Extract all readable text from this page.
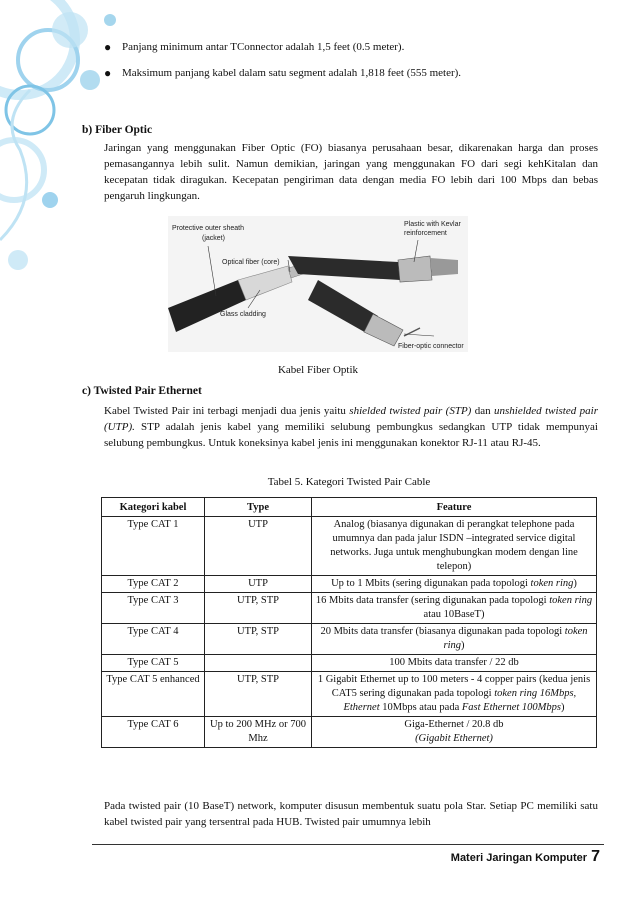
● Panjang minimum antar TConnector adalah 1,5 feet (0.5 meter).
● Maksimum panjang kabel dalam satu segment adalah 1,818 feet (555 meter).
b) Fiber Optic
Jaringan yang menggunakan Fiber Optic (FO) biasanya perusahaan besar, dikarenakan harga dan proses pemasangannya lebih sulit. Namun demikian, jaringan yang menggunakan FO dari segi kehKitalan dan kecepatan tidak diragukan. Kecepatan pengiriman data dengan media FO lebih dari 100 Mbps dan bebas pengaruh lingkungan.
Protective outer sheath
(jacket)
Optical fiber (core)
Glass cladding
Plastic with Kevlar
reinforcement
Fiber-optic connector
Kabel Fiber Optik
c) Twisted Pair Ethernet
Kabel Twisted Pair ini terbagi menjadi dua jenis yaitu shielded twisted pair (STP) dan unshielded twisted pair (UTP). STP adalah jenis kabel yang memiliki selubung pembungkus sedangkan UTP tidak mempunyai selubung pembungkus. Untuk koneksinya kabel jenis ini menggunakan konektor RJ-11 atau RJ-45.
Tabel 5. Kategori Twisted Pair Cable
Kategori kabel	Type	Feature
Type CAT 1	UTP	Analog (biasanya digunakan di perangkat telephone pada umumnya dan pada jalur ISDN –integrated service digital networks. Juga untuk menghubungkan modem dengan line telepon)
Type CAT 2	UTP	Up to 1 Mbits (sering digunakan pada topologi token ring)
Type CAT 3	UTP, STP	16 Mbits data transfer (sering digunakan pada topologi token ring atau 10BaseT)
Type CAT 4	UTP, STP	20 Mbits data transfer (biasanya digunakan pada topologi token ring)
Type CAT 5		100 Mbits data transfer / 22 db
Type CAT 5 enhanced	UTP, STP	1 Gigabit Ethernet up to 100 meters - 4 copper pairs (kedua jenis CAT5 sering digunakan pada topologi token ring 16Mbps, Ethernet 10Mbps atau pada Fast Ethernet 100Mbps)
Type CAT 6	Up to 200 MHz or 700 Mhz	Giga-Ethernet / 20.8 db
(Gigabit Ethernet)
Pada twisted pair (10 BaseT) network, komputer disusun membentuk suatu pola Star. Setiap PC memiliki satu kabel twisted pair yang tersentral pada HUB. Twisted pair umumnya lebih
Materi Jaringan Komputer 7
